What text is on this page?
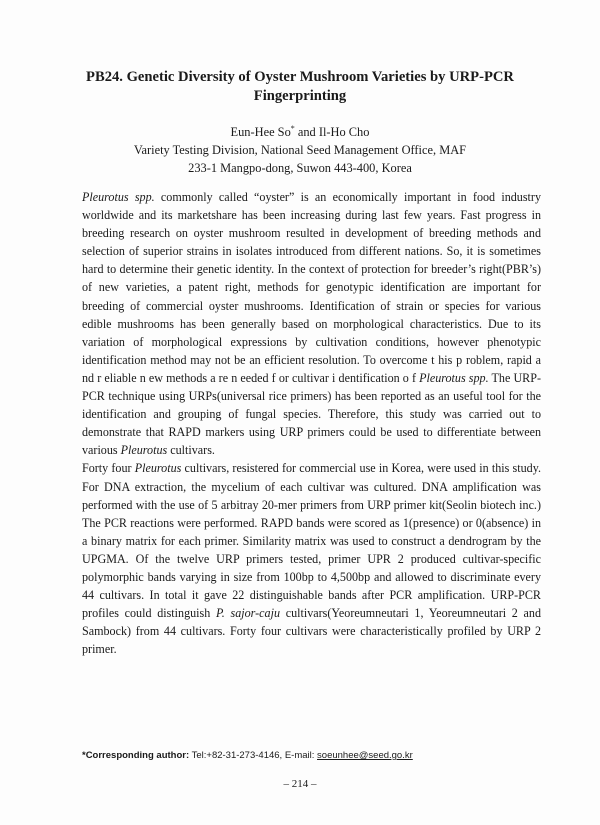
PB24. Genetic Diversity of Oyster Mushroom Varieties by URP-PCR
Fingerprinting
Eun-Hee So* and Il-Ho Cho
Variety Testing Division, National Seed Management Office, MAF
233-1 Mangpo-dong, Suwon 443-400, Korea

Pleurotus spp. commonly called “oyster” is an economically important in food industry worldwide and its marketshare has been increasing during last few years. Fast progress in breeding research on oyster mushroom resulted in development of breeding methods and selection of superior strains in isolates introduced from different nations. So, it is sometimes hard to determine their genetic identity. In the context of protection for breeder’s right(PBR’s) of new varieties, a patent right, methods for genotypic identification are important for breeding of commercial oyster mushrooms. Identification of strain or species for various edible mushrooms has been generally based on morphological characteristics. Due to its variation of morphological expressions by cultivation conditions, however phenotypic identification method may not be an efficient resolution. To overcome t his p roblem, rapid a nd r eliable n ew methods a re n eeded f or cultivar i dentification o f Pleurotus spp. The URP-PCR technique using URPs(universal rice primers) has been reported as an useful tool for the identification and grouping of fungal species. Therefore, this study was carried out to demonstrate that RAPD markers using URP primers could be used to differentiate between various Pleurotus cultivars.

Forty four Pleurotus cultivars, resistered for commercial use in Korea, were used in this study. For DNA extraction, the mycelium of each cultivar was cultured. DNA amplification was performed with the use of 5 arbitray 20-mer primers from URP primer kit(Seolin biotech inc.) The PCR reactions were performed. RAPD bands were scored as 1(presence) or 0(absence) in a binary matrix for each primer. Similarity matrix was used to construct a dendrogram by the UPGMA. Of the twelve URP primers tested, primer UPR 2 produced cultivar-specific polymorphic bands varying in size from 100bp to 4,500bp and allowed to discriminate every 44 cultivars. In total it gave 22 distinguishable bands after PCR amplification. URP-PCR profiles could distinguish P. sajor-caju cultivars(Yeoreumneutari 1, Yeoreumneutari 2 and Sambock) from 44 cultivars. Forty four cultivars were characteristically profiled by URP 2 primer.

*Corresponding author: Tel:+82-31-273-4146, E-mail: soeunhee@seed.go.kr
– 214 –
